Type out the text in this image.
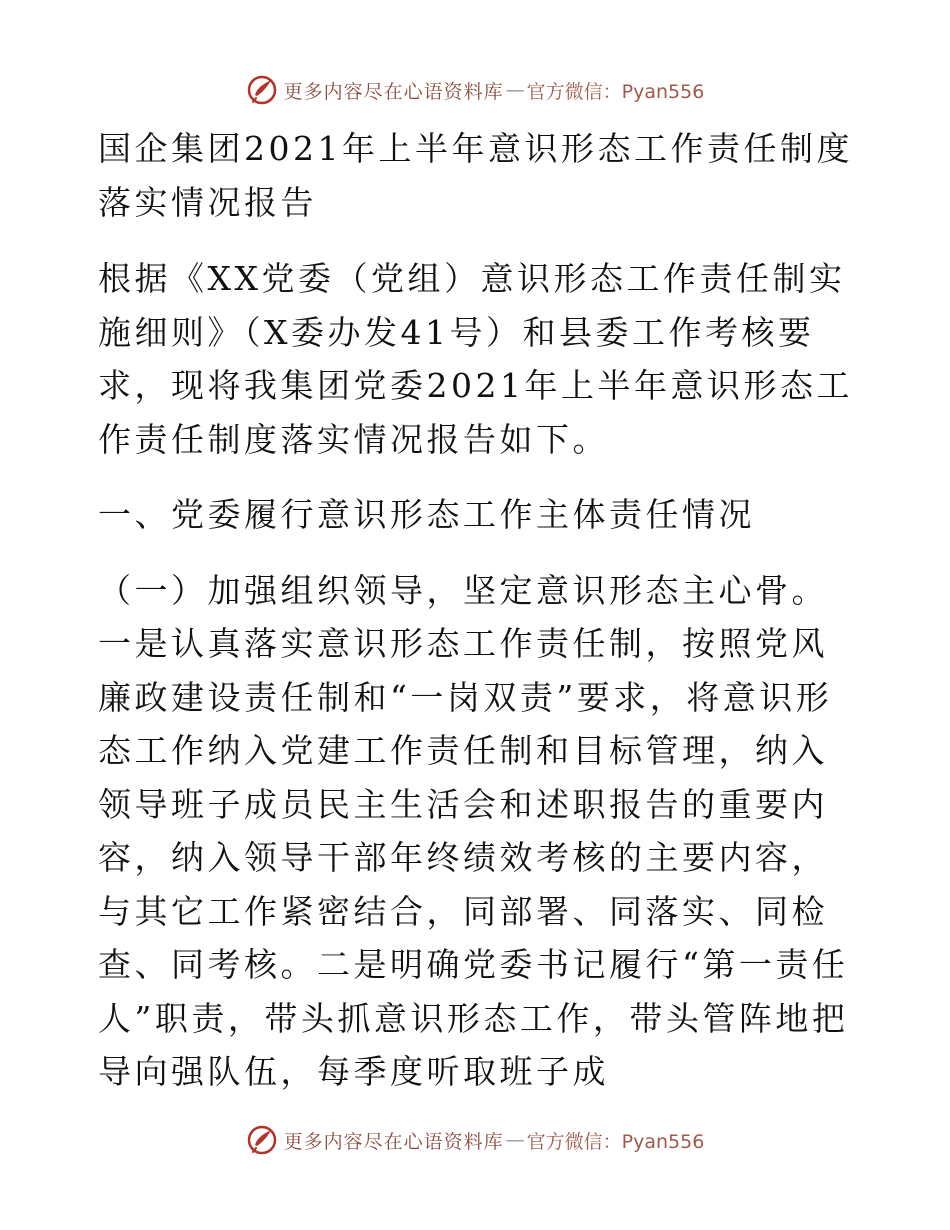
更多内容尽在心语资料库 — 官方微信：Pyan556

国企集团2021年上半年意识形态工作责任制度落实情况报告

根据《XX党委（党组）意识形态工作责任制实施细则》（X委办发41号）和县委工作考核要求，现将我集团党委2021年上半年意识形态工作责任制度落实情况报告如下。

一、党委履行意识形态工作主体责任情况

（一）加强组织领导，坚定意识形态主心骨。一是认真落实意识形态工作责任制，按照党风廉政建设责任制和“一岗双责”要求，将意识形态工作纳入党建工作责任制和目标管理，纳入领导班子成员民主生活会和述职报告的重要内容，纳入领导干部年终绩效考核的主要内容，与其它工作紧密结合，同部署、同落实、同检查、同考核。二是明确党委书记履行“第一责任人”职责，带头抓意识形态工作，带头管阵地把导向强队伍，每季度听取班子成

更多内容尽在心语资料库 — 官方微信：Pyan556
